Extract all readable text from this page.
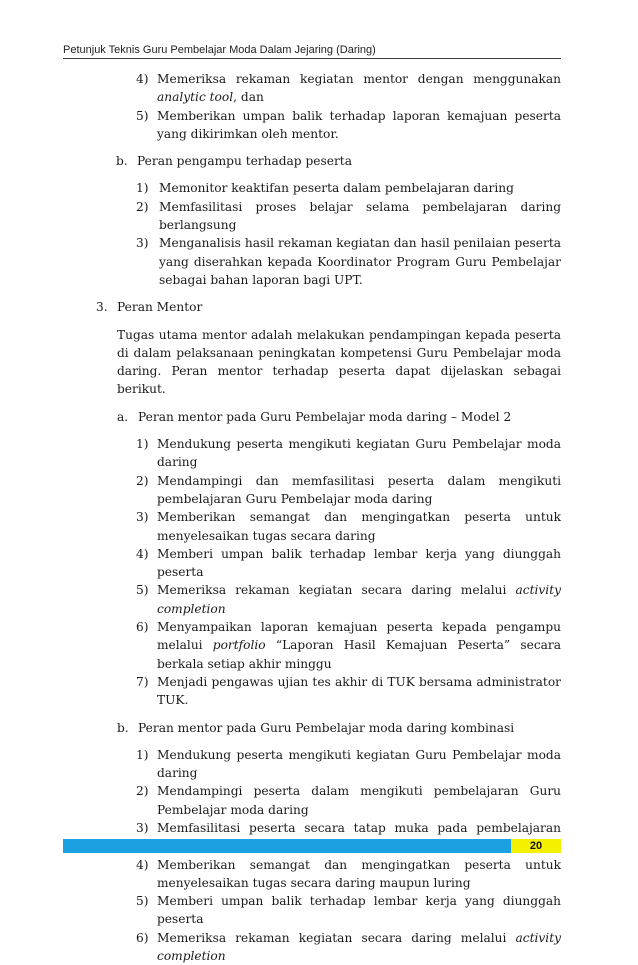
Petunjuk Teknis Guru Pembelajar Moda Dalam Jejaring (Daring)
4) Memeriksa rekaman kegiatan mentor dengan menggunakan analytic tool, dan
5) Memberikan umpan balik terhadap laporan kemajuan peserta yang dikirimkan oleh mentor.
b. Peran pengampu terhadap peserta
1) Memonitor keaktifan peserta dalam pembelajaran daring
2) Memfasilitasi proses belajar selama pembelajaran daring berlangsung
3) Menganalisis hasil rekaman kegiatan dan hasil penilaian peserta yang diserahkan kepada Koordinator Program Guru Pembelajar sebagai bahan laporan bagi UPT.
3. Peran Mentor
Tugas utama mentor adalah melakukan pendampingan kepada peserta di dalam pelaksanaan peningkatan kompetensi Guru Pembelajar moda daring. Peran mentor terhadap peserta dapat dijelaskan sebagai berikut.
a. Peran mentor pada Guru Pembelajar moda daring – Model 2
1) Mendukung peserta mengikuti kegiatan Guru Pembelajar moda daring
2) Mendampingi dan memfasilitasi peserta dalam mengikuti pembelajaran Guru Pembelajar moda daring
3) Memberikan semangat dan mengingatkan peserta untuk menyelesaikan tugas secara daring
4) Memberi umpan balik terhadap lembar kerja yang diunggah peserta
5) Memeriksa rekaman kegiatan secara daring melalui activity completion
6) Menyampaikan laporan kemajuan peserta kepada pengampu melalui portfolio “Laporan Hasil Kemajuan Peserta” secara berkala setiap akhir minggu
7) Menjadi pengawas ujian tes akhir di TUK bersama administrator TUK.
b. Peran mentor pada Guru Pembelajar moda daring kombinasi
1) Mendukung peserta mengikuti kegiatan Guru Pembelajar moda daring
2) Mendampingi peserta dalam mengikuti pembelajaran Guru Pembelajar moda daring
3) Memfasilitasi peserta secara tatap muka pada pembelajaran
4) Memberikan semangat dan mengingatkan peserta untuk menyelesaikan tugas secara daring maupun luring
5) Memberi umpan balik terhadap lembar kerja yang diunggah peserta
6) Memeriksa rekaman kegiatan secara daring melalui activity completion
20
